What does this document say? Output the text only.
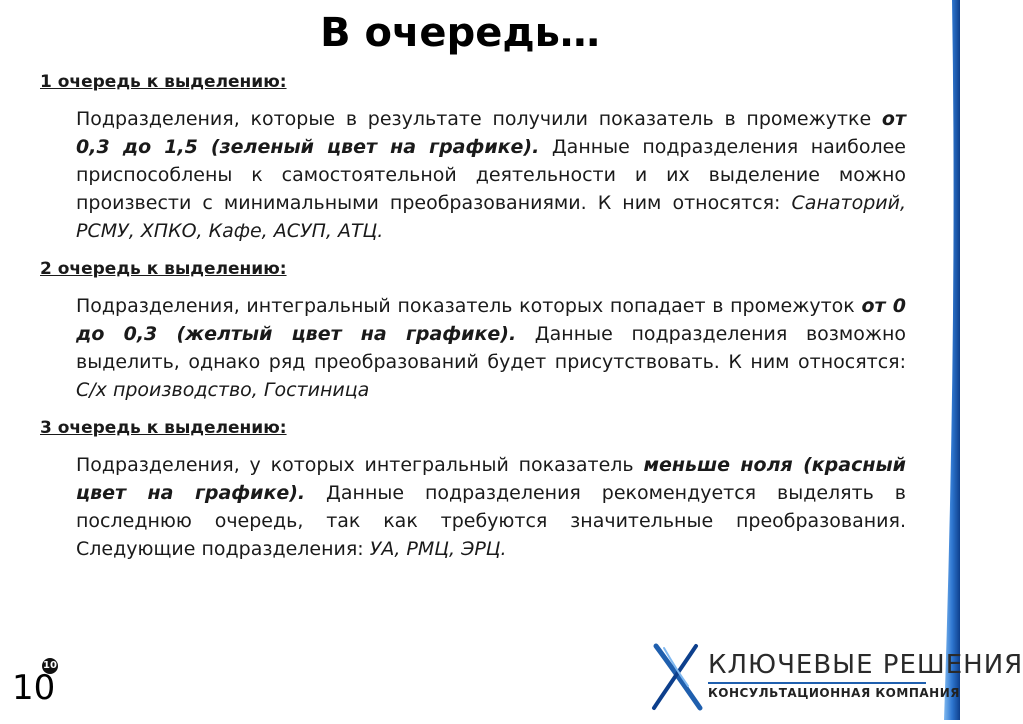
В очередь…
1 очередь к выделению:

Подразделения, которые в результате получили показатель в промежутке от 0,3 до 1,5 (зеленый цвет на графике). Данные подразделения наиболее приспособлены к самостоятельной деятельности и их выделение можно произвести с минимальными преобразованиями. К ним относятся: Санаторий, РСМУ, ХПКО, Кафе, АСУП, АТЦ.

2 очередь к выделению:

Подразделения, интегральный показатель которых попадает в промежуток от 0 до 0,3 (желтый цвет на графике). Данные подразделения возможно выделить, однако ряд преобразований будет присутствовать. К ним относятся: С/х производство, Гостиница

3 очередь к выделению:

Подразделения, у которых интегральный показатель меньше ноля (красный цвет на графике). Данные подразделения рекомендуется выделять в последнюю очередь, так как требуются значительные преобразования. Следующие подразделения: УА, РМЦ, ЭРЦ.

10
10
КЛЮЧЕВЫЕ РЕШЕНИЯ
КОНСУЛЬТАЦИОННАЯ КОМПАНИЯ
